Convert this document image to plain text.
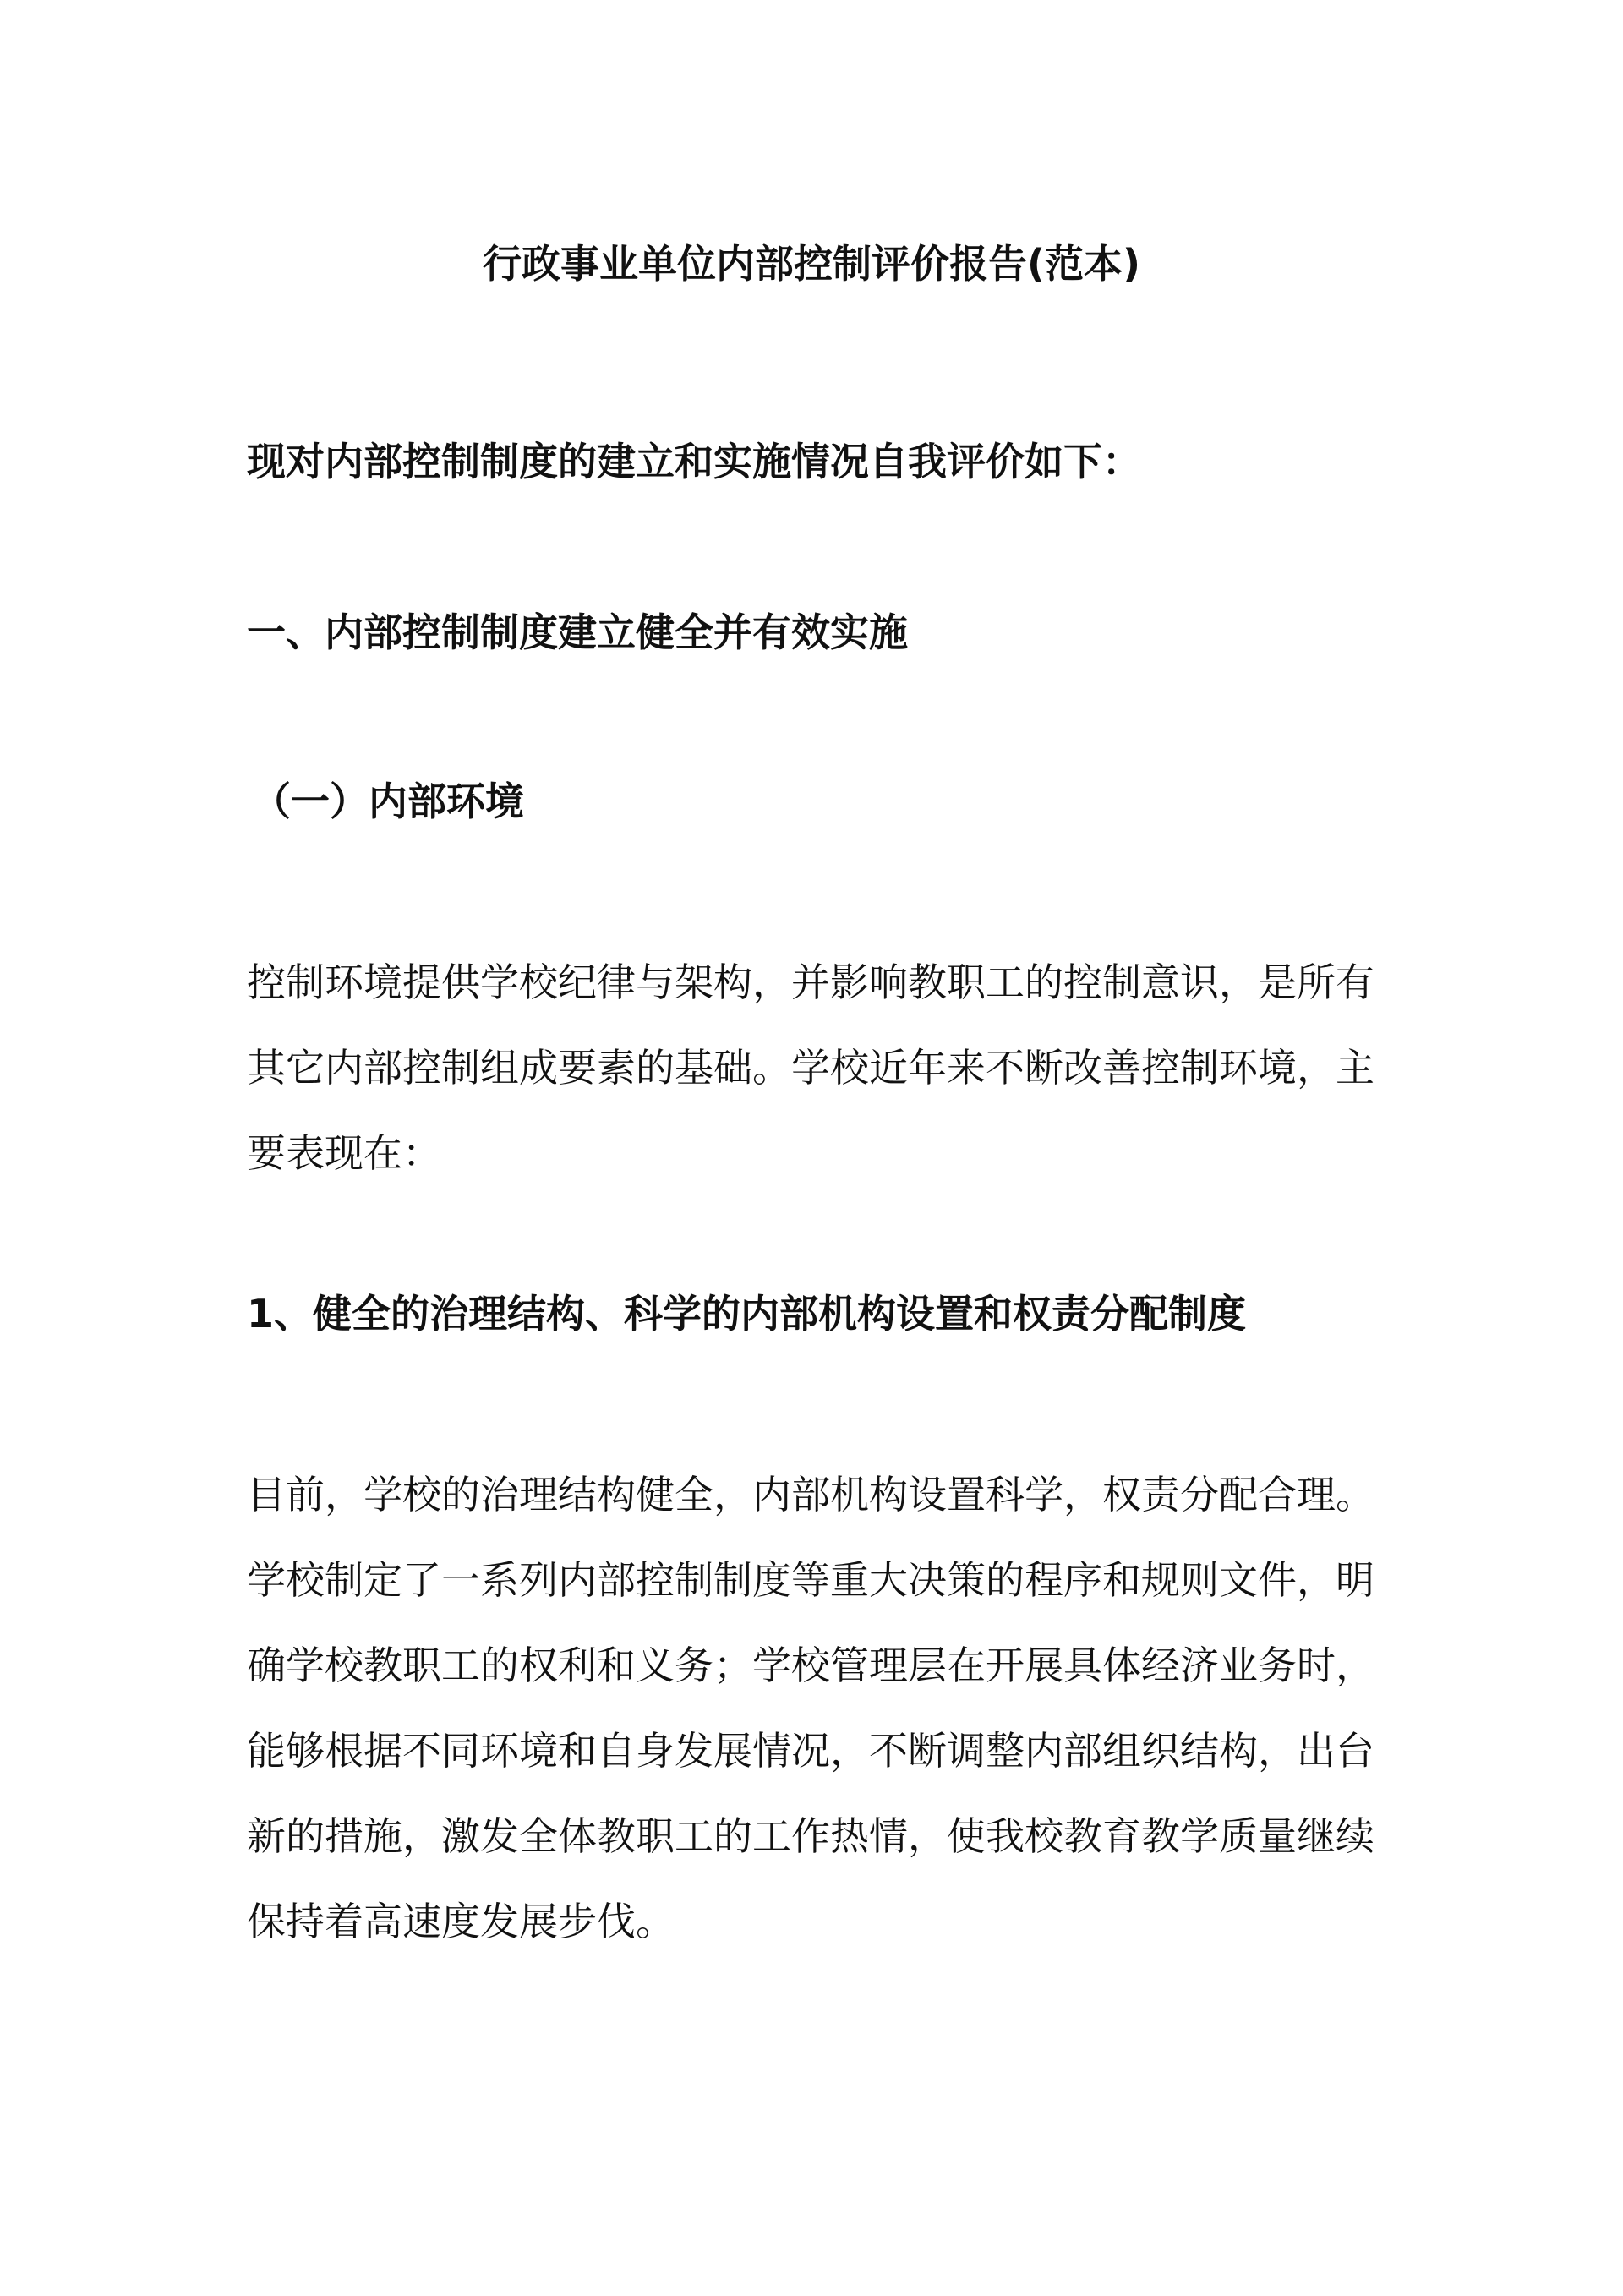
行政事业单位内部控制评价报告(范本)

现对内部控制制度的建立和实施情况自我评价如下：

一、内部控制制度建立健全并有效实施
（一）内部环境

控制环境提供学校纪律与架构，并影响教职工的控制意识，是所有其它内部控制组成要素的基础。学校近年来不断改善控制环境，主要表现在：

1、健全的治理结构、科学的内部机构设置和权责分配制度

目前，学校的治理结构健全，内部机构设置科学，权责分配合理。学校制定了一系列内部控制制度等重大决策的程序和规则文件，明确学校教职工的权利和义务；学校管理层在开展具体经济业务时，能够根据不同环境和自身发展情况，不断调整内部组织结构，出台新的措施，激发全体教职工的工作热情，使我校教育教学质量继续保持着高速度发展步伐。
